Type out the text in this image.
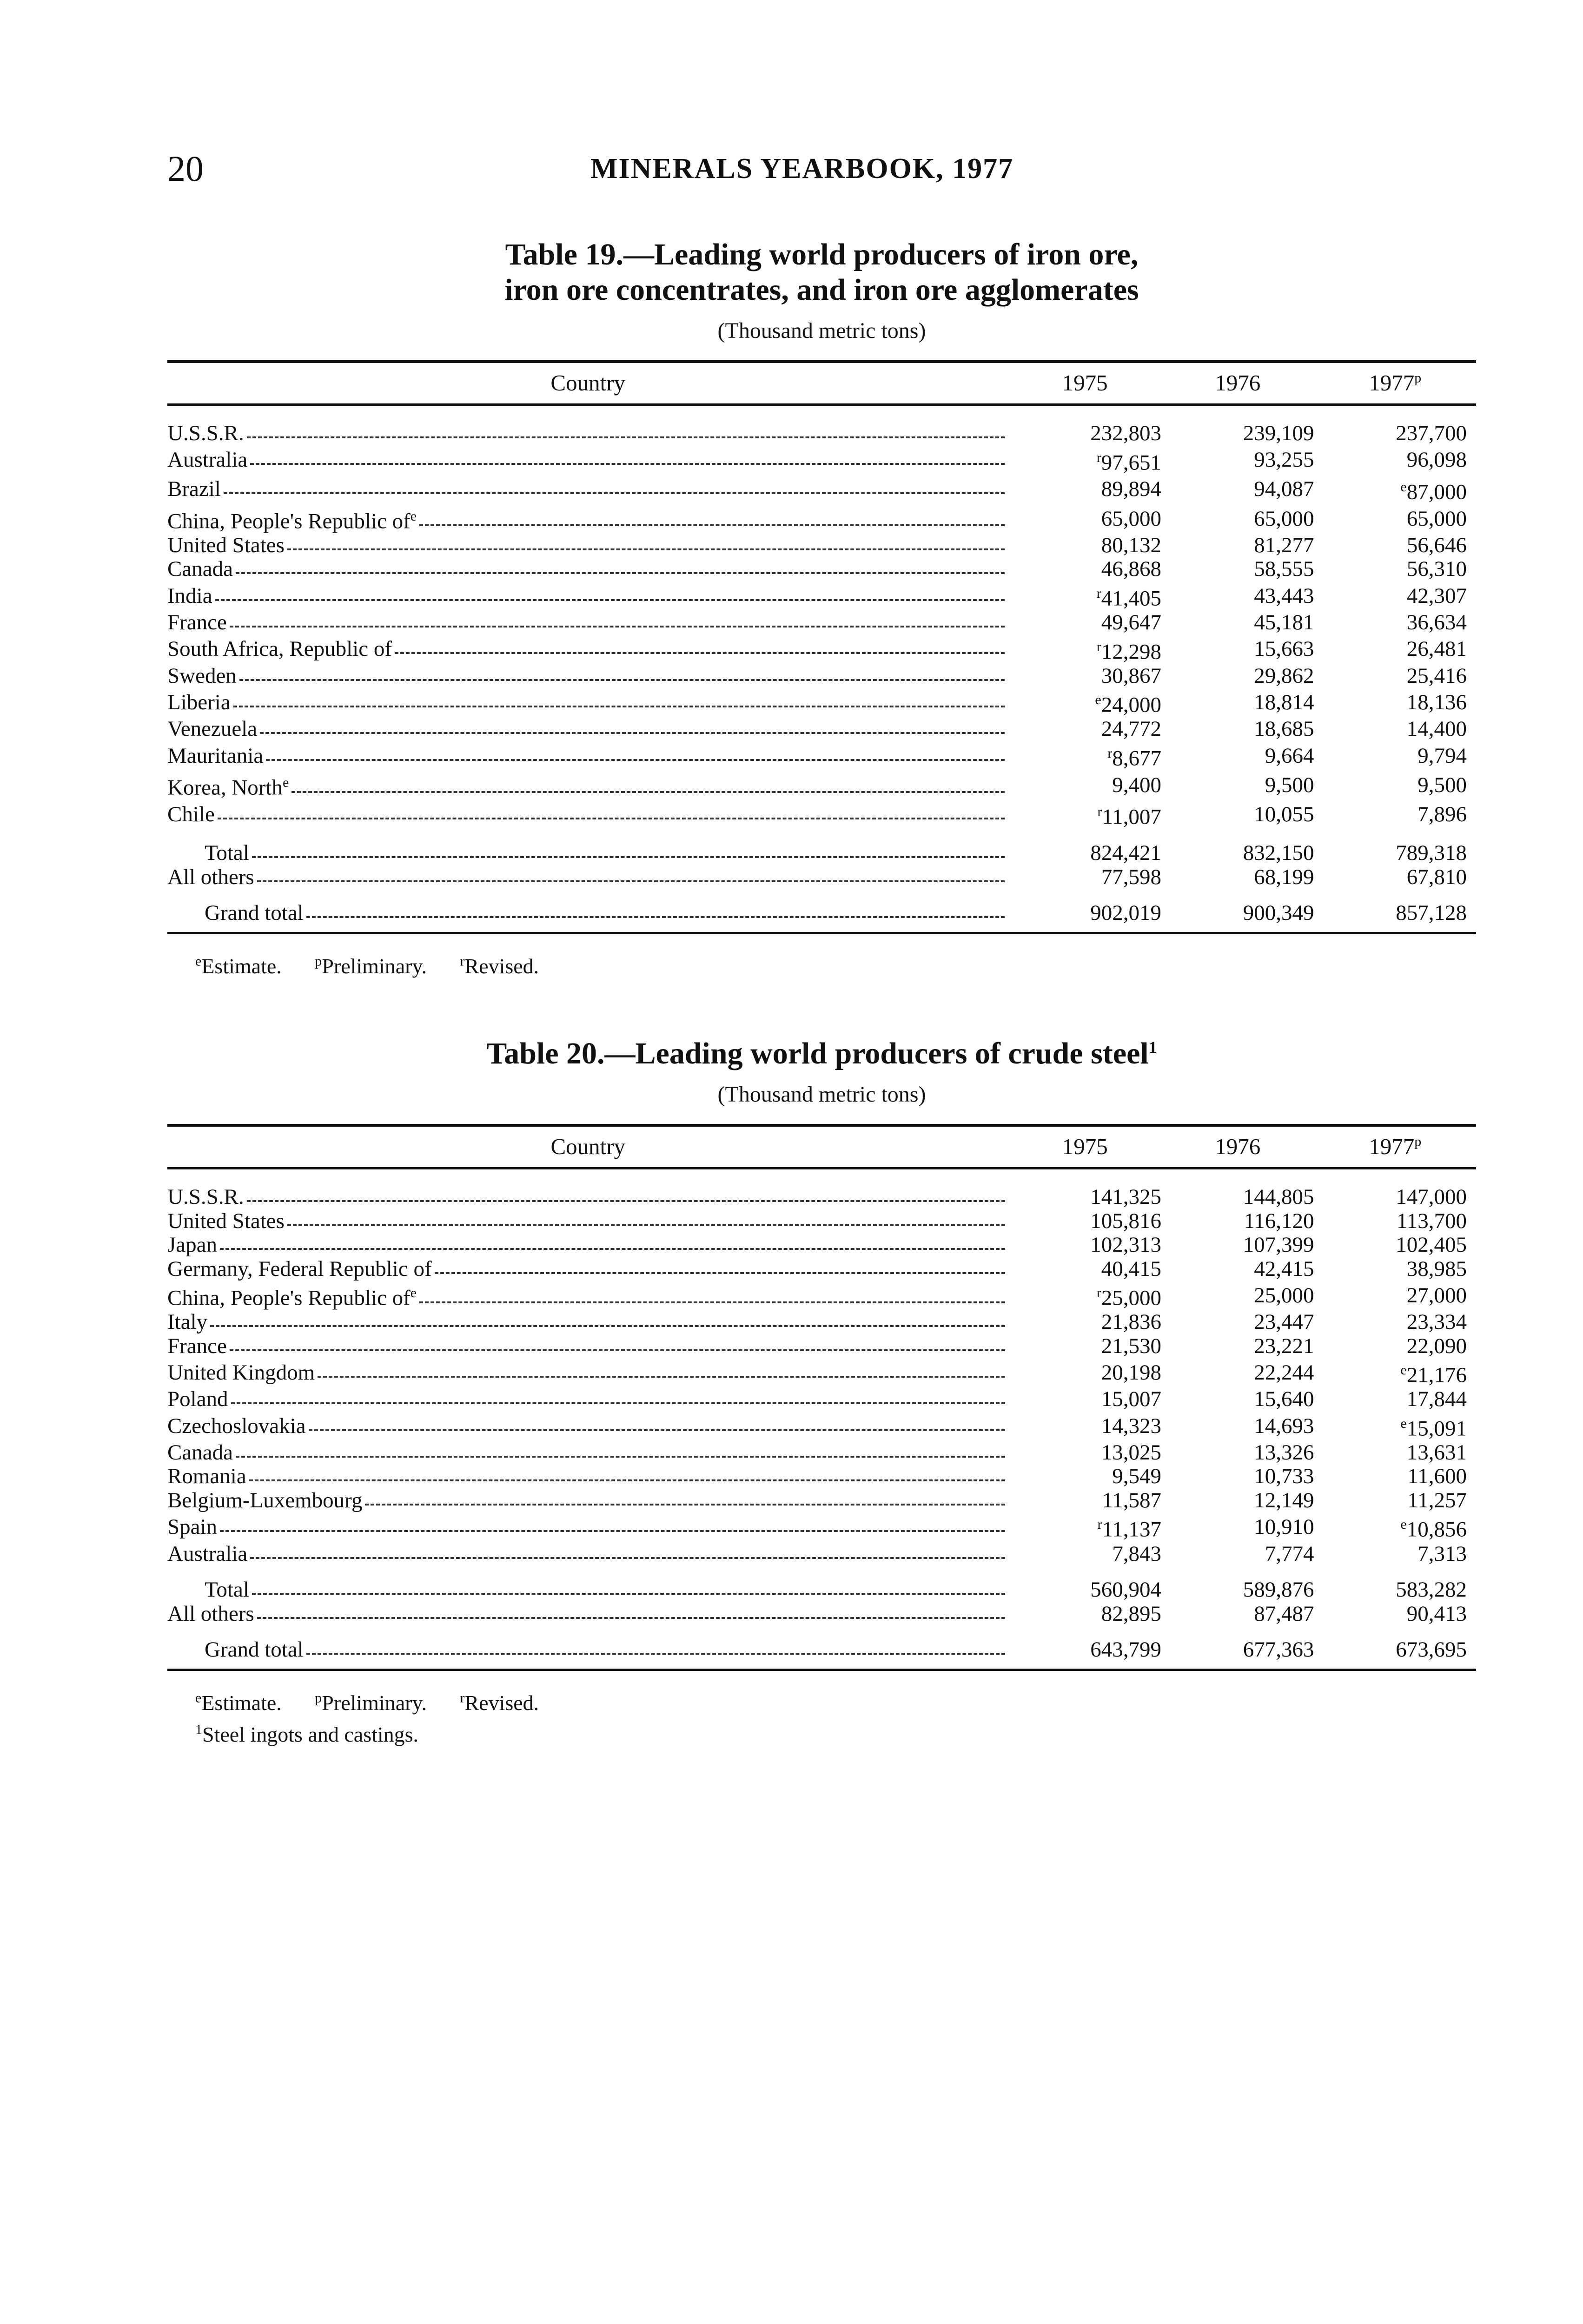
20	MINERALS YEARBOOK, 1977

Table 19.—Leading world producers of iron ore,
iron ore concentrates, and iron ore agglomerates

(Thousand metric tons)
Country	1975	1976	1977$^p$

U.S.S.R.	232,803	239,109	237,700

Australia	$^r$97,651	93,255	96,098

Brazil	89,894	94,087	$^e$87,000

China, People's Republic $of^e$	65,000	65,000	65,000

United States	80,132	81,277	56,646

Canada	46,868	58,555	56,310

India	$^r$41,405	43,443	42,307

France	49,647	45,181	36,634

South Africa, Republic of	$^r$12,298	15,663	26,481

Sweden	30,867	29,862	25,416

Liberia	$^e$24,000	18,814	18,136

Venezuela	24,772	18,685	14,400

Mauritania	$^r$8,677	9,664	9,794

Korea, North$^e$	9,400	9,500	9,500

Chile	$^r$11,007	10,055	7,896

Total	824,421	832,150	789,318

All others	77,598	68,199	67,810

Grand total	902,019	900,349	857,128
$^e$Estimate. $^p$Preliminary. $^r$Revised.

Table 20.—Leading world producers of crude steel$^1$

(Thousand metric tons)
Country	1975	1976	1977$^p$

U.S.S.R.	141,325	144,805	147,000

United States	105,816	116,120	113,700

Japan	102,313	107,399	102,405

Germany, Federal Republic of	40,415	42,415	38,985

China, People's Republic $of^e$	$^r$25,000	25,000	27,000

Italy	21,836	23,447	23,334

France	21,530	23,221	22,090

United Kingdom	20,198	22,244	$^e$21,176

Poland	15,007	15,640	17,844

Czechoslovakia	14,323	14,693	$^e$15,091

Canada	13,025	13,326	13,631

Romania	9,549	10,733	11,600

Belgium-Luxembourg	11,587	12,149	11,257

Spain	$^r$11,137	10,910	$^e$10,856

Australia	7,843	7,774	7,313

Total	560,904	589,876	583,282

All others	82,895	87,487	90,413

Grand total	643,799	677,363	673,695
$^e$Estimate. $^p$Preliminary. $^r$Revised.
$^1$Steel ingots and castings.
